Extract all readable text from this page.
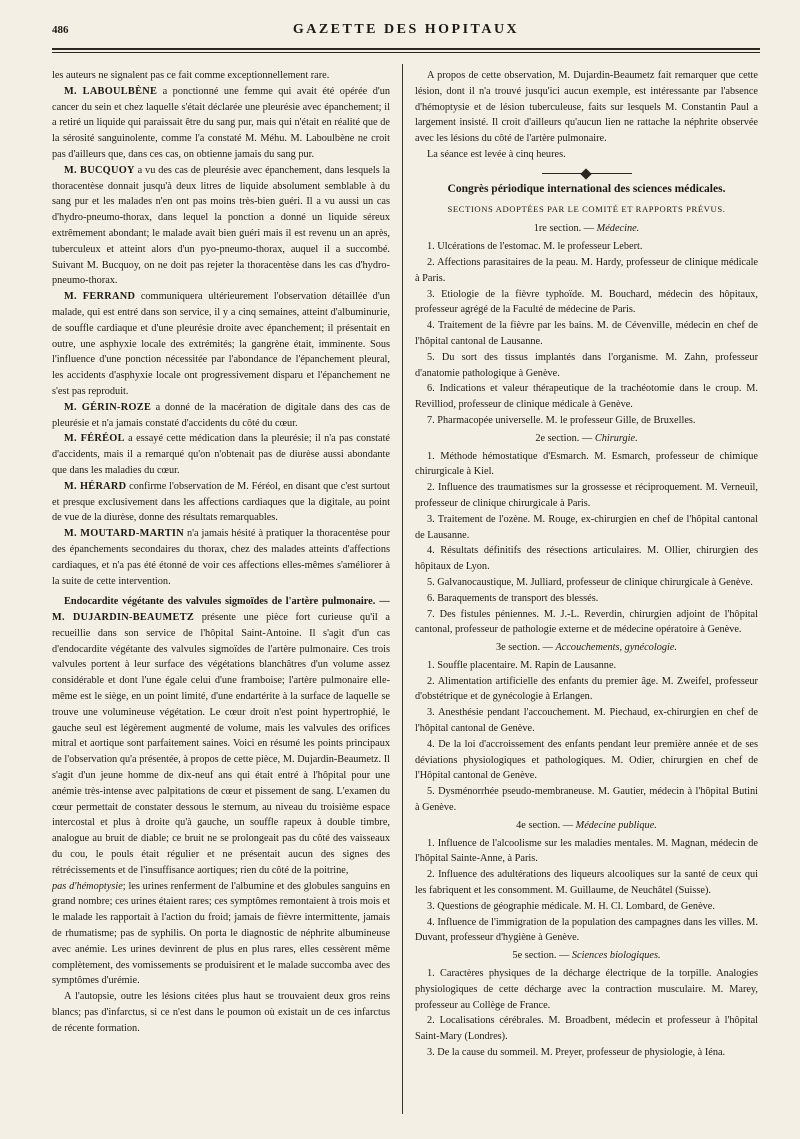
486	GAZETTE DES HOPITAUX

les auteurs ne signalent pas ce fait comme exceptionnellement rare.

M. LABOULBÈNE a ponctionné une femme qui avait été opérée d'un cancer du sein et chez laquelle s'était déclarée une pleurésie avec épanchement; il a retiré un liquide qui paraissait être du sang pur, mais qui n'était en réalité que de la sérosité sanguinolente, comme l'a constaté M. Méhu. M. Laboulbène ne croit pas d'ailleurs que, dans ces cas, on obtienne jamais du sang pur.

M. BUCQUOY a vu des cas de pleurésie avec épanchement, dans lesquels la thoracentèse donnait jusqu'à deux litres de liquide absolument semblable à du sang pur et les malades n'en ont pas moins très-bien guéri. Il a vu aussi un cas d'hydro-pneumo-thorax, dans lequel la ponction a donné un liquide séreux extrêmement abondant; le malade avait bien guéri mais il est revenu un an après, tuberculeux et atteint alors d'un pyo-pneumo-thorax, auquel il a succombé. Suivant M. Bucquoy, on ne doit pas rejeter la thoracentèse dans les cas d'hydro-pneumo-thorax.

M. FERRAND communiquera ultérieurement l'observation détaillée d'un malade, qui est entré dans son service, il y a cinq semaines, atteint d'albuminurie, de souffle cardiaque et d'une pleurésie droite avec épanchement; il présentait en outre, une asphyxie locale des extrémités; la gangrène était, imminente. Sous l'influence d'une ponction nécessitée par l'abondance de l'épanchement pleural, les accidents d'asphyxie locale ont progressivement disparu et l'épanchement ne s'est pas reproduit.

M. GÉRIN-ROZE a donné de la macération de digitale dans des cas de pleurésie et n'a jamais constaté d'accidents du côté du cœur.

M. FÉRÉOL a essayé cette médication dans la pleurésie; il n'a pas constaté d'accidents, mais il a remarqué qu'on n'obtenait pas de diurèse aussi abondante que dans les maladies du cœur.

M. HÉRARD confirme l'observation de M. Féréol, en disant que c'est surtout et presque exclusivement dans les affections cardiaques que la digitale, au point de vue de la diurèse, donne des résultats remarquables.

M. MOUTARD-MARTIN n'a jamais hésité à pratiquer la thoracentèse pour des épanchements secondaires du thorax, chez des malades atteints d'affections cardiaques, et n'a pas été étonné de voir ces affections elles-mêmes s'améliorer à la suite de cette intervention.

Endocardite végétante des valvules sigmoïdes de l'artère pulmonaire. — M. DUJARDIN-BEAUMETZ présente une pièce fort curieuse qu'il a recueillie dans son service de l'hôpital Saint-Antoine. Il s'agit d'un cas d'endocardite végétante des valvules sigmoïdes de l'artère pulmonaire. Ces trois valvules portent à leur surface des végétations blanchâtres d'un volume assez considérable et dont l'une égale celui d'une framboise; l'artère pulmonaire elle-même est le siège, en un point limité, d'une endartérite à la surface de laquelle se trouve une volumineuse végétation. Le cœur droit n'est point hypertrophié, le gauche seul est légèrement augmenté de volume, mais les valvules des orifices mitral et aortique sont parfaitement saines. Voici en résumé les points principaux de l'observation qu'a présentée, à propos de cette pièce, M. Dujardin-Beaumetz. Il s'agit d'un jeune homme de dix-neuf ans qui était entré à l'hôpital pour une anémie très-intense avec palpitations de cœur et pissement de sang. L'examen du cœur permettait de constater dessous le sternum, au niveau du troisième espace intercostal et plus à droite qu'à gauche, un souffle rapeux à double timbre, analogue au bruit de diable; ce bruit ne se prolongeait pas du côté des vaisseaux du cou, le pouls était régulier et ne présentait aucun des signes des rétrécissements et de l'insuffisance aortiques; rien du côté de la poitrine,

pas d'hémoptysie; les urines renferment de l'albumine et des globules sanguins en grand nombre; ces urines étaient rares; ces symptômes remontaient à trois mois et le malade les rapportait à l'action du froid; jamais de fièvre intermittente, jamais de rhumatisme; pas de syphilis. On porta le diagnostic de néphrite albumineuse avec anémie. Les urines devinrent de plus en plus rares, elles cessèrent même complètement, des vomissements se produisirent et le malade succomba avec des symptômes d'urémie.

A l'autopsie, outre les lésions citées plus haut se trouvaient deux gros reins blancs; pas d'infarctus, si ce n'est dans le poumon où existait un de ces infarctus de récente formation.

A propos de cette observation, M. Dujardin-Beaumetz fait remarquer que cette lésion, dont il n'a trouvé jusqu'ici aucun exemple, est intéressante par l'absence d'hémoptysie et de lésion tuberculeuse, faits sur lesquels M. Constantin Paul a largement insisté. Il croit d'ailleurs qu'aucun lien ne rattache la néphrite observée avec les lésions du côté de l'artère pulmonaire.

La séance est levée à cinq heures.

Congrès périodique international des sciences médicales.

SECTIONS ADOPTÉES PAR LE COMITÉ ET RAPPORTS PRÉVUS.

1re section. — Médecine.

1. Ulcérations de l'estomac. M. le professeur Lebert.

2. Affections parasitaires de la peau. M. Hardy, professeur de clinique médicale à Paris.

3. Etiologie de la fièvre typhoïde. M. Bouchard, médecin des hôpitaux, professeur agrégé de la Faculté de médecine de Paris.

4. Traitement de la fièvre par les bains. M. de Cévenville, médecin en chef de l'hôpital cantonal de Lausanne.

5. Du sort des tissus implantés dans l'organisme. M. Zahn, professeur d'anatomie pathologique à Genève.

6. Indications et valeur thérapeutique de la trachéotomie dans le croup. M. Revilliod, professeur de clinique médicale à Genève.

7. Pharmacopée universelle. M. le professeur Gille, de Bruxelles.

2e section. — Chirurgie.

1. Méthode hémostatique d'Esmarch. M. Esmarch, professeur de chimique chirurgicale à Kiel.

2. Influence des traumatismes sur la grossesse et réciproquement. M. Verneuil, professeur de clinique chirurgicale à Paris.

3. Traitement de l'ozène. M. Rouge, ex-chirurgien en chef de l'hôpital cantonal de Lausanne.

4. Résultats définitifs des résections articulaires. M. Ollier, chirurgien des hôpitaux de Lyon.

5. Galvanocaustique, M. Julliard, professeur de clinique chirurgicale à Genève.

6. Baraquements de transport des blessés.

7. Des fistules péniennes. M. J.-L. Reverdin, chirurgien adjoint de l'hôpital cantonal, professeur de pathologie externe et de médecine opératoire à Genève.

3e section. — Accouchements, gynécologie.

1. Souffle placentaire. M. Rapin de Lausanne.

2. Alimentation artificielle des enfants du premier âge. M. Zweifel, professeur d'obstétrique et de gynécologie à Erlangen.

3. Anesthésie pendant l'accouchement. M. Piechaud, ex-chirurgien en chef de l'hôpital cantonal de Genève.

4. De la loi d'accroissement des enfants pendant leur première année et de ses déviations physiologiques et pathologiques. M. Odier, chirurgien en chef de l'Hôpital cantonal de Genève.

5. Dysménorrhée pseudo-membraneuse. M. Gautier, médecin à l'hôpital Butini à Genève.

4e section. — Médecine publique.

1. Influence de l'alcoolisme sur les maladies mentales. M. Magnan, médecin de l'hôpital Sainte-Anne, à Paris.

2. Influence des adultérations des liqueurs alcooliques sur la santé de ceux qui les fabriquent et les consomment. M. Guillaume, de Neuchâtel (Suisse).

3. Questions de géographie médicale. M. H. Cl. Lombard, de Genève.

4. Influence de l'immigration de la population des campagnes dans les villes. M. Duvant, professeur d'hygiène à Genève.

5e section. — Sciences biologiques.

1. Caractères physiques de la décharge électrique de la torpille. Analogies physiologiques de cette décharge avec la contraction musculaire. M. Marey, professeur au Collège de France.

2. Localisations cérébrales. M. Broadbent, médecin et professeur à l'hôpital Saint-Mary (Londres).

3. De la cause du sommeil. M. Preyer, professeur de physiologie, à Iéna.
